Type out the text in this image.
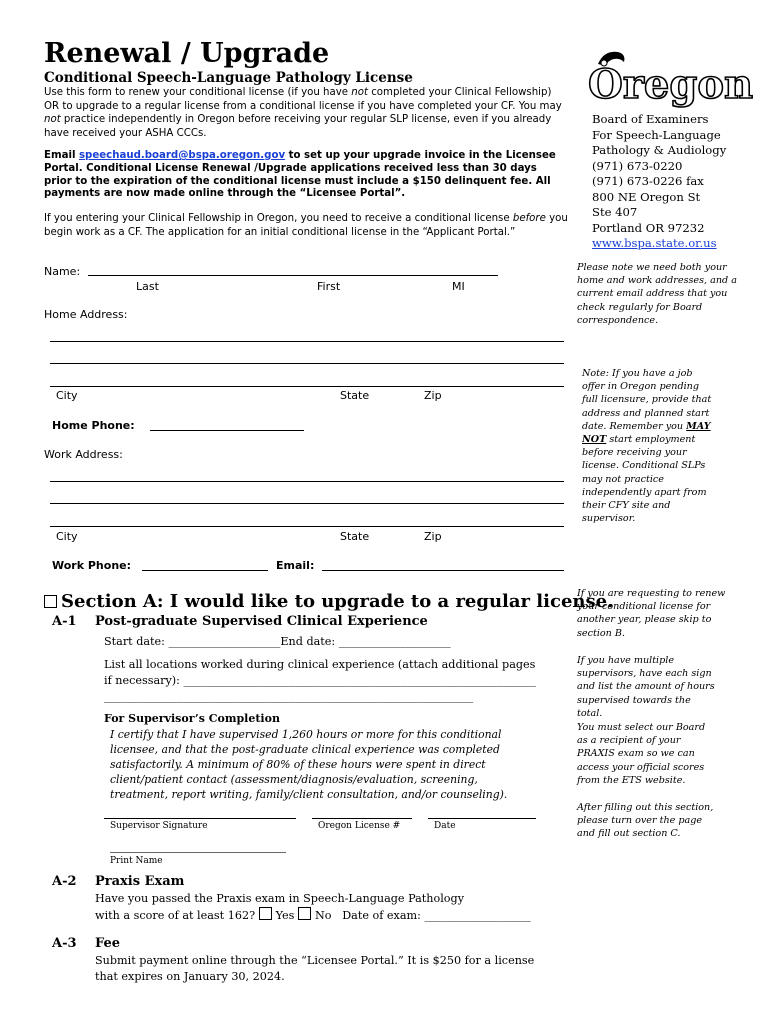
Renewal / Upgrade
Conditional Speech-Language Pathology License
Use this form to renew your conditional license (if you have not completed your Clinical Fellowship) OR to upgrade to a regular license from a conditional license if you have completed your CF. You may not practice independently in Oregon before receiving your regular SLP license, even if you already have received your ASHA CCCs.
Email speechaud.board@bspa.oregon.gov to set up your upgrade invoice in the Licensee Portal. Conditional License Renewal /Upgrade applications received less than 30 days prior to the expiration of the conditional license must include a $150 delinquent fee. All payments are now made online through the “Licensee Portal”.
If you entering your Clinical Fellowship in Oregon, you need to receive a conditional license before you begin work as a CF. The application for an initial conditional license in the “Applicant Portal.”
Oregon
Board of Examiners
For Speech-Language
Pathology & Audiology
(971) 673-0220
(971) 673-0226 fax
800 NE Oregon St
Ste 407
Portland OR 97232
www.bspa.state.or.us
Please note we need both your home and work addresses, and a current email address that you check regularly for Board correspondence.
Note: If you have a job offer in Oregon pending full licensure, provide that address and planned start date. Remember you MAY
NOT start employment before receiving your license. Conditional SLPs may not practice independently apart from their CFY site and supervisor.
If you are requesting to renew your conditional license for another year, please skip to section B.
If you have multiple supervisors, have each sign and list the amount of hours supervised towards the total.
You must select our Board as a recipient of your PRAXIS exam so we can access your official scores from the ETS website.
After filling out this section, please turn over the page and fill out section C.
Name:
Last	First	MI
Home Address:
City	State	Zip
Home Phone:
Work Address:
City	State	Zip
Work Phone:	Email:
Section A: I would like to upgrade to a regular license.
A-1 Post-graduate Supervised Clinical Experience
Start date: ____________________End date: ____________________
List all locations worked during clinical experience (attach additional pages if necessary): _______________________________________________________________
__________________________________________________________________
For Supervisor’s Completion
I certify that I have supervised 1,260 hours or more for this conditional licensee, and that the post-graduate clinical experience was completed satisfactorily. A minimum of 80% of these hours were spent in direct client/patient contact (assessment/diagnosis/evaluation, screening, treatment, report writing, family/client consultation, and/or counseling).
Supervisor Signature	Oregon License #	Date
Print Name
A-2 Praxis Exam
Have you passed the Praxis exam in Speech-Language Pathology
with a score of at least 162? Yes No Date of exam: ___________________
A-3 Fee
Submit payment online through the “Licensee Portal.” It is $250 for a license that expires on January 30, 2024.
